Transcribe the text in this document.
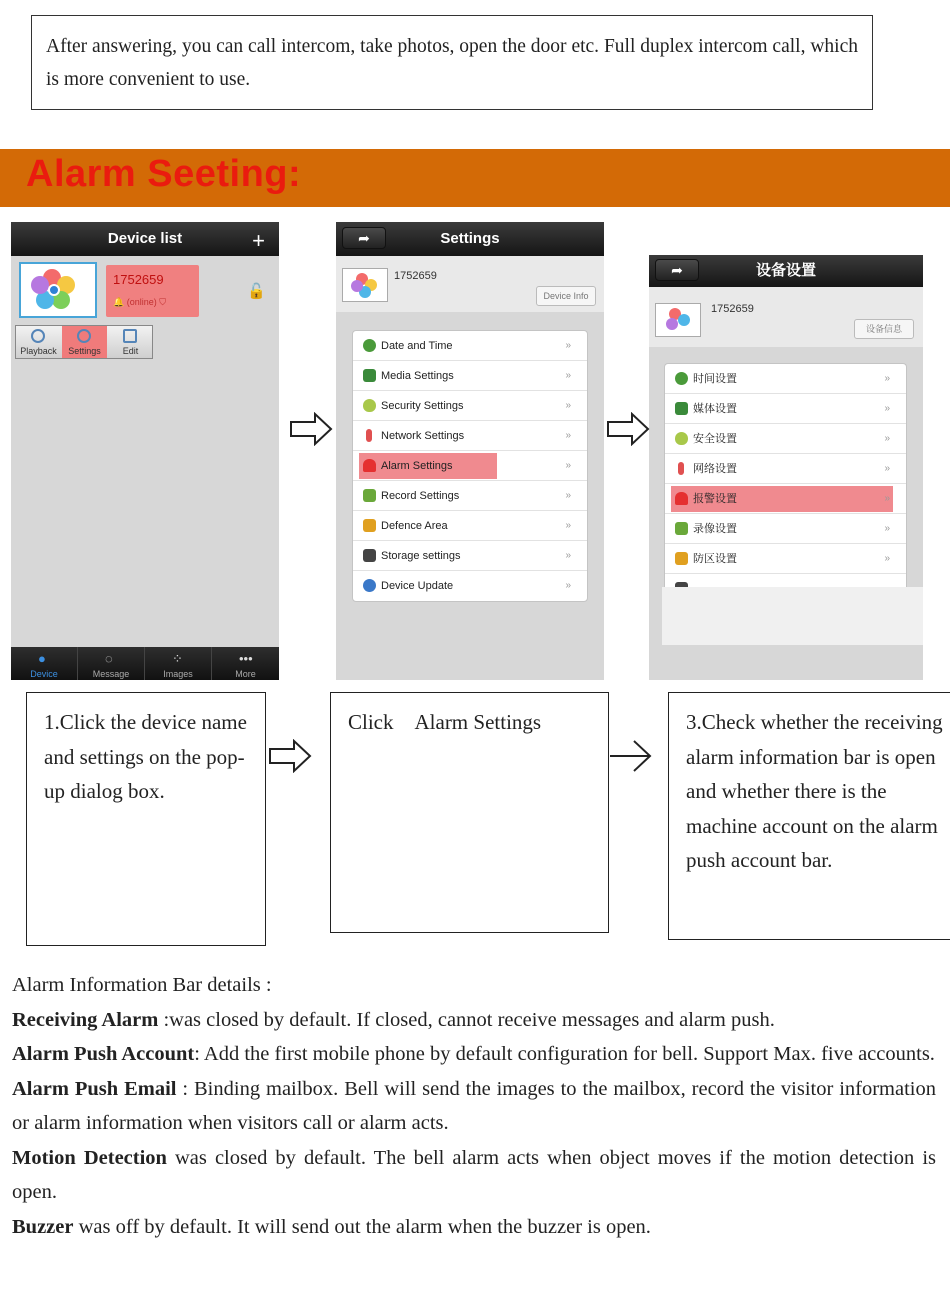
After answering, you can call intercom, take photos, open the door etc. Full duplex intercom call, which is more convenient to use.
Alarm Seeting:
Device list	+
1752659
🔔 (online) ⛉
🔓
Playback	Settings	Edit
●
Device
◌
Message
⁘
Images
•••
More
➦	Settings
1752659
Device Info
Date and Time	»
Media Settings	»
Security Settings	»
Network Settings	»
Alarm Settings	»
Record Settings	»
Defence Area	»
Storage settings	»
Device Update	»
➦	设备设置
1752659
设备信息
时间设置	»
媒体设置	»
安全设置	»
网络设置	»
报警设置	»
录像设置	»
防区设置	»
1.Click the device name and settings on the pop-up dialog box.
Click　Alarm Settings	3.Check whether the receiving alarm information bar is open and whether there is the machine account on the alarm push account bar.
Alarm Information Bar details :
Receiving Alarm :was closed by default. If closed, cannot receive messages and alarm push.
Alarm Push Account: Add the first mobile phone by default configuration for bell. Support Max. five accounts.
Alarm Push Email : Binding mailbox. Bell will send the images to the mailbox, record the visitor information or alarm information when visitors call or alarm acts.
Motion Detection was closed by default. The bell alarm acts when object moves if the motion detection is open.
Buzzer was off by default. It will send out the alarm when the buzzer is open.
